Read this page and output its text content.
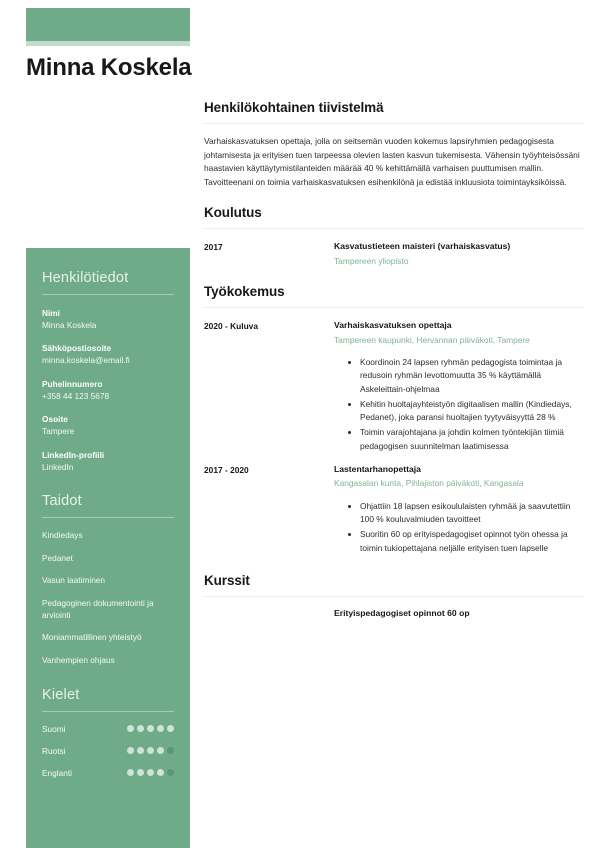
Minna Koskela
Henkilötiedot
Nimi
Minna Koskela
Sähköpostiosoite
minna.koskela@email.fi
Puhelinnumero
+358 44 123 5678
Osoite
Tampere
LinkedIn-profiili
LinkedIn
Taidot
Kindiedays
Pedanet
Vasun laatiminen
Pedagoginen dokumentointi ja arviointi
Moniammatillinen yhteistyö
Vanhempien ohjaus
Kielet
Suomi
Ruotsi
Englanti
Henkilökohtainen tiivistelmä

Varhaiskasvatuksen opettaja, jolla on seitsemän vuoden kokemus lapsiryhmien pedagogisesta johtamisesta ja erityisen tuen tarpeessa olevien lasten kasvun tukemisesta. Vähensin työyhteisössäni haastavien käyttäytymistilanteiden määrää 40 % kehittämällä varhaisen puuttumisen mallin. Tavoitteenani on toimia varhaiskasvatuksen esihenkilönä ja edistää inkluusiota toimintayksiköissä.

Koulutus
2017	Kasvatustieteen maisteri (varhaiskasvatus)
Tampereen yliopisto
Työkokemus
2020 - Kuluva	Varhaiskasvatuksen opettaja
Tampereen kaupunki, Hervannan päiväkoti, Tampere
• Koordinoin 24 lapsen ryhmän pedagogista toimintaa ja redusoin ryhmän levottomuutta 35 % käyttämällä Askeleittain-ohjelmaa
• Kehitin huoltajayhteistyön digitaalisen mallin (Kindiedays, Pedanet), joka paransi huoltajien tyytyväisyyttä 28 %
• Toimin varajohtajana ja johdin kolmen työntekijän tiimiä pedagogisen suunnitelman laatimisessa
2017 - 2020	Lastentarhanopettaja
Kangasalan kunta, Pihlajiston päiväkoti, Kangasala
• Ohjattiin 18 lapsen esikoululaisten ryhmää ja saavutettiin 100 % kouluvalmiuden tavoitteet
• Suoritin 60 op erityispedagogiset opinnot työn ohessa ja toimin tukiopettajana neljälle erityisen tuen lapselle
Kurssit
Erityispedagogiset opinnot 60 op
